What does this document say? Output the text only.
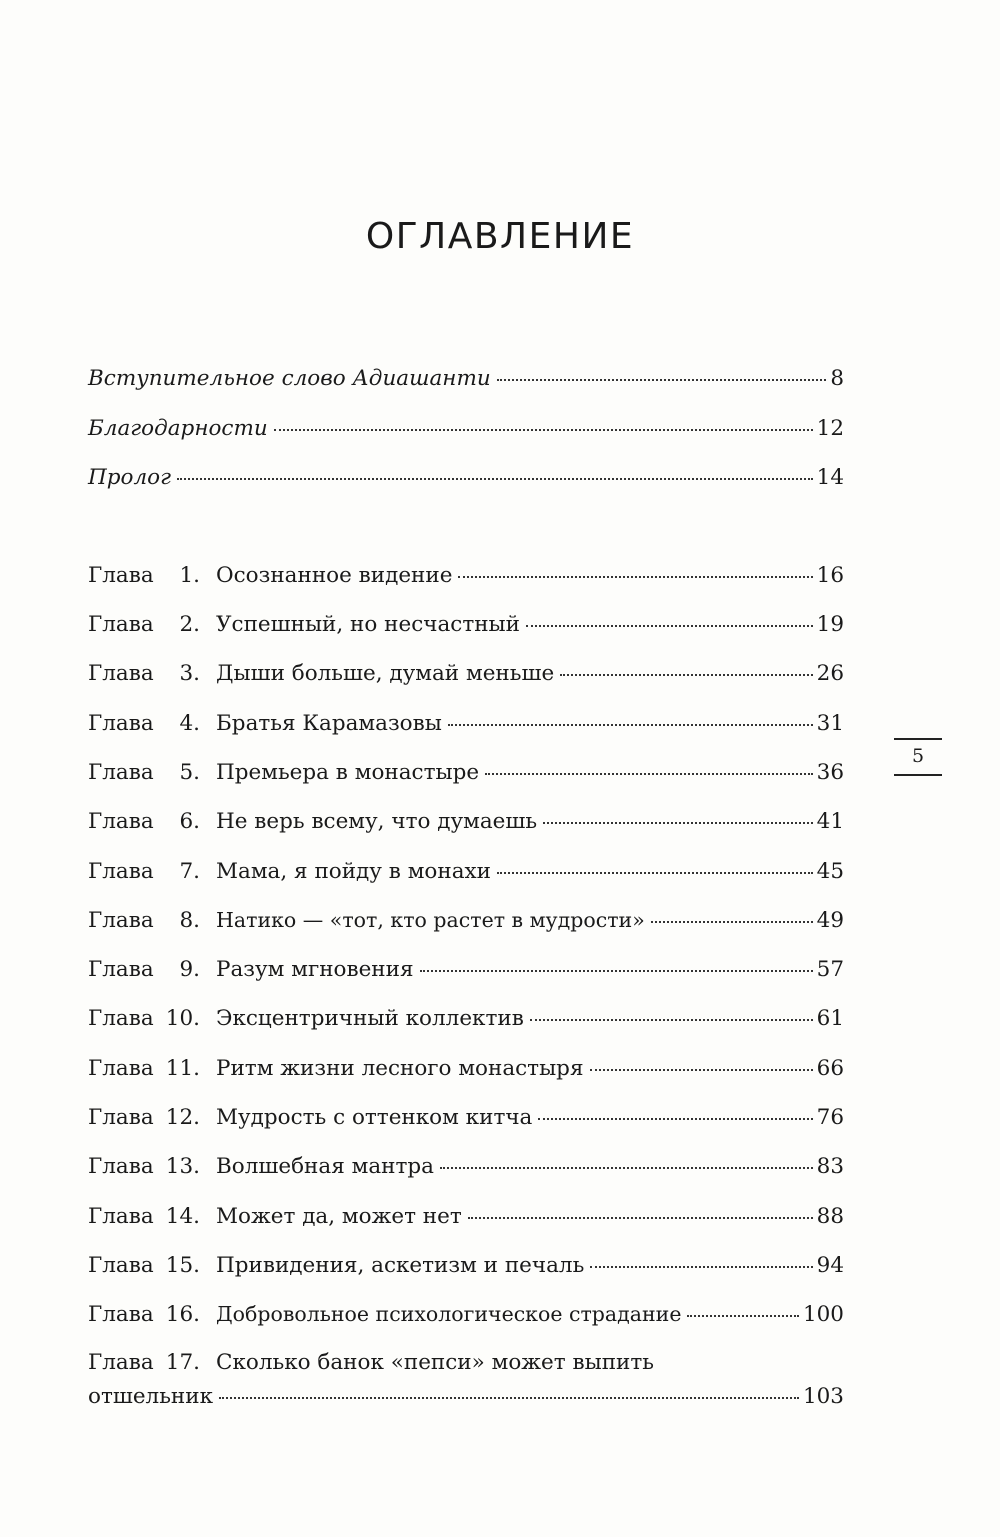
ОГЛАВЛЕНИЕ
Вступительное слово Адиашанти	8
Благодарности	12
Пролог	14
Глава	1. Осознанное видение	16
Глава	2. Успешный, но несчастный	19
Глава	3. Дыши больше, думай меньше	26
Глава	4. Братья Карамазовы	31
Глава	5. Премьера в монастыре	36
Глава	6. Не верь всему, что думаешь	41
Глава	7. Мама, я пойду в монахи	45
Глава	8. Натико — «тот, кто растет в мудрости»	49
Глава	9. Разум мгновения	57
Глава 10. Эксцентричный коллектив	61
Глава 11. Ритм жизни лесного монастыря	66
Глава 12. Мудрость с оттенком китча	76
Глава 13. Волшебная мантра	83
Глава 14. Может да, может нет	88
Глава 15. Привидения, аскетизм и печаль	94
Глава 16. Добровольное психологическое страдание	100
Глава 17. Сколько банок «пепси» может выпить
отшельник	103
5
